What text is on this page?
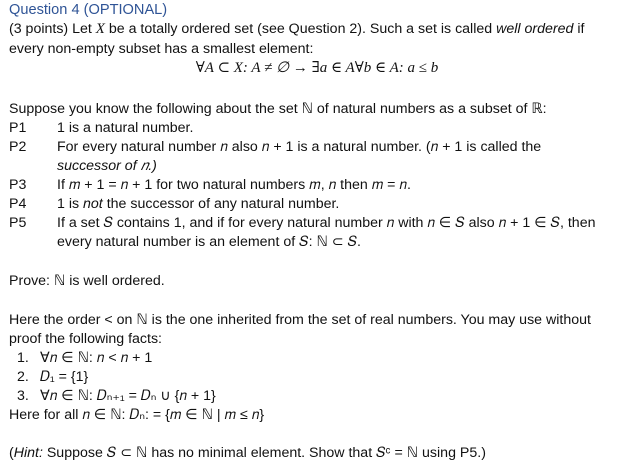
Question 4 (OPTIONAL)
(3 points) Let X be a totally ordered set (see Question 2). Such a set is called well ordered if
every non-empty subset has a smallest element:
∀A ⊂ X: A ≠ ∅ → ∃a ∈ A∀b ∈ A: a ≤ b
Suppose you know the following about the set ℕ of natural numbers as a subset of ℝ:
P1 1 is a natural number.
P2 For every natural number 𝑛 also 𝑛 + 1 is a natural number. (𝑛 + 1 is called the
successor of 𝑛.)
P3 If 𝑚 + 1 = 𝑛 + 1 for two natural numbers 𝑚, 𝑛 then 𝑚 = 𝑛.
P4 1 is not the successor of any natural number.
P5 If a set 𝑆 contains 1, and if for every natural number 𝑛 with 𝑛 ∈ 𝑆 also 𝑛 + 1 ∈ 𝑆, then
every natural number is an element of 𝑆: ℕ ⊂ 𝑆.
Prove: ℕ is well ordered.
Here the order < on ℕ is the one inherited from the set of real numbers. You may use without
proof the following facts:
1. ∀𝑛 ∈ ℕ: 𝑛 < 𝑛 + 1
2. 𝐷₁ = {1}
3. ∀𝑛 ∈ ℕ: 𝐷ₙ₊₁ = 𝐷ₙ ∪ {𝑛 + 1}
Here for all 𝑛 ∈ ℕ: 𝐷ₙ: = {𝑚 ∈ ℕ | 𝑚 ≤ 𝑛}
(Hint: Suppose 𝑆 ⊂ ℕ has no minimal element. Show that 𝑆ᶜ = ℕ using P5.)
